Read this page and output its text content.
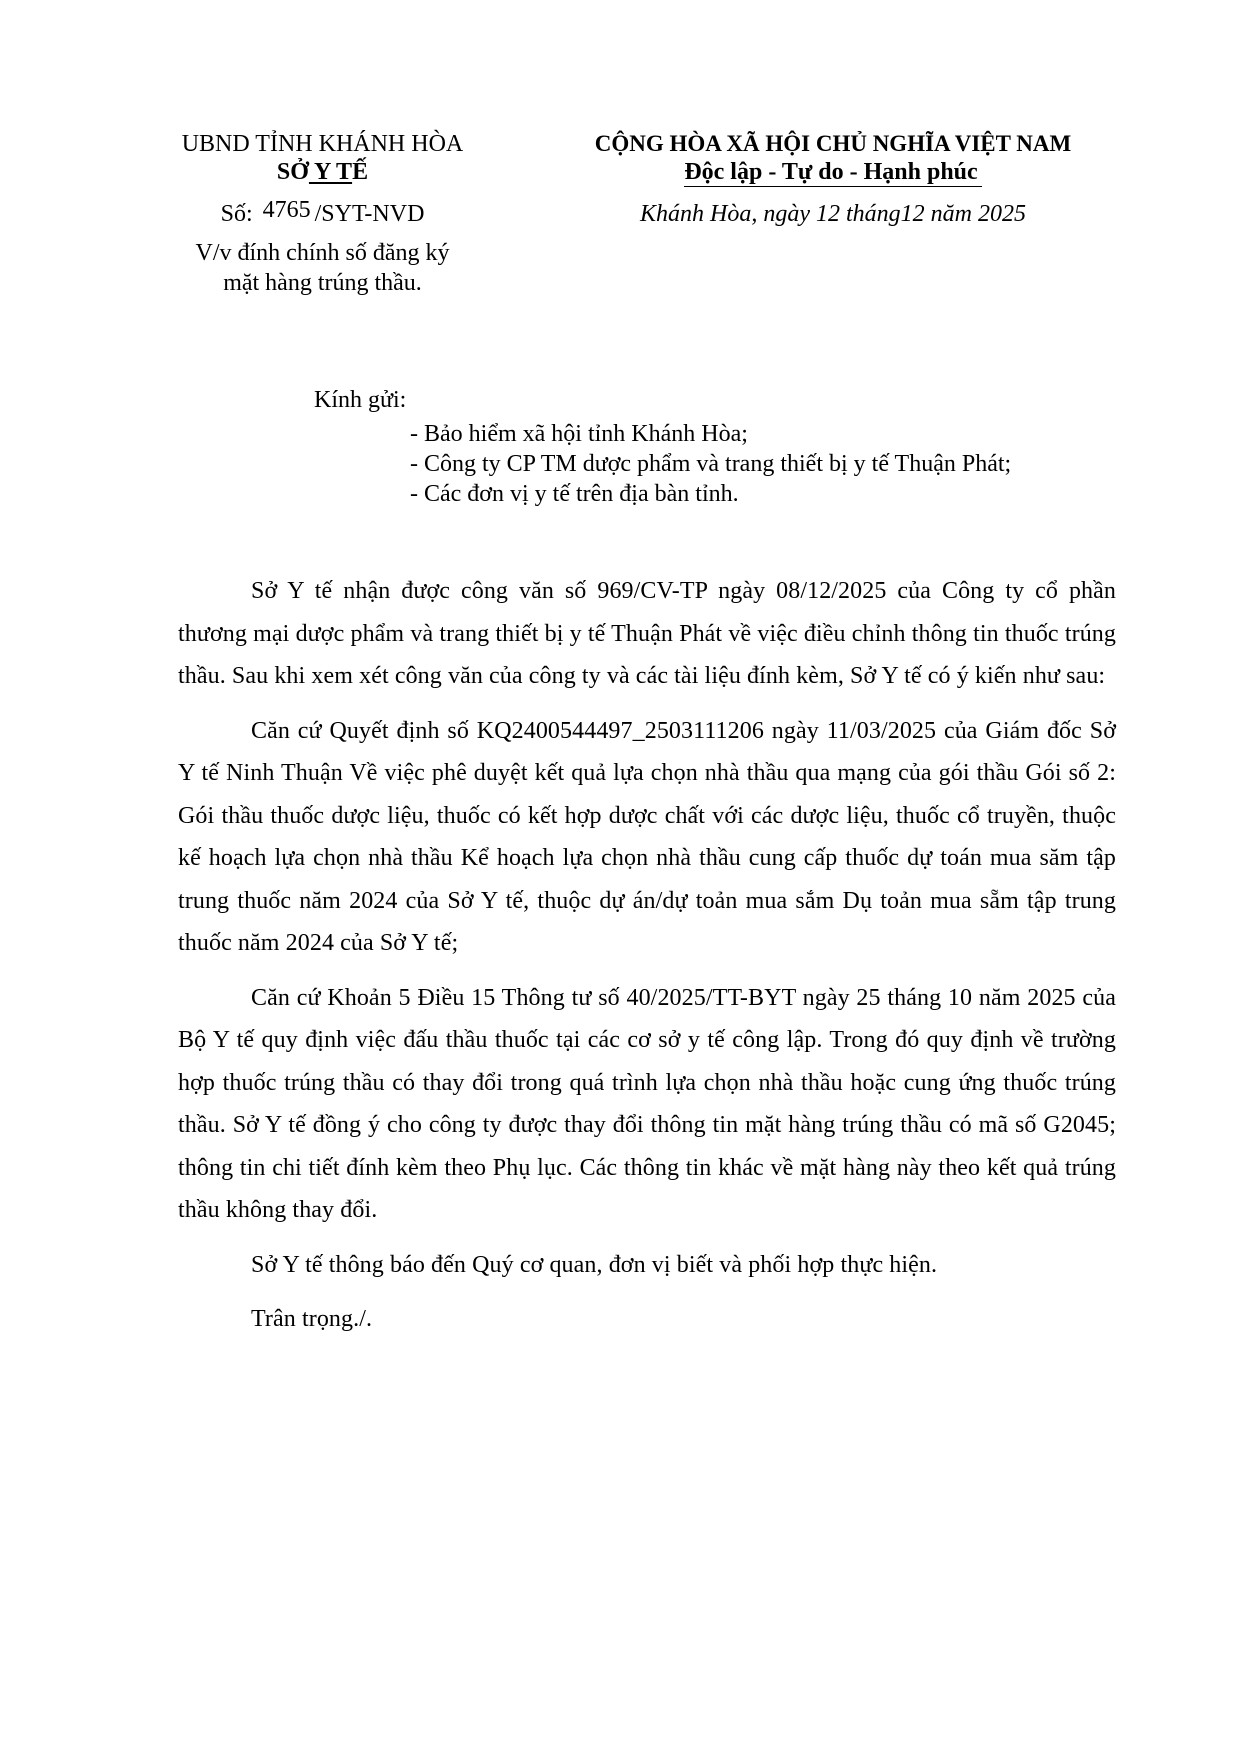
UBND TỈNH KHÁNH HÒA
SỞ Y TẾ
Số: 4765 /SYT-NVD
V/v đính chính số đăng ký
mặt hàng trúng thầu.
CỘNG HÒA XÃ HỘI CHỦ NGHĨA VIỆT NAM
Độc lập - Tự do - Hạnh phúc
Khánh Hòa, ngày 12 tháng12 năm 2025
Kính gửi:
- Bảo hiểm xã hội tỉnh Khánh Hòa;
- Công ty CP TM dược phẩm và trang thiết bị y tế Thuận Phát;
- Các đơn vị y tế trên địa bàn tỉnh.

Sở Y tế nhận được công văn số 969/CV-TP ngày 08/12/2025 của Công ty cổ phần thương mại dược phẩm và trang thiết bị y tế Thuận Phát về việc điều chỉnh thông tin thuốc trúng thầu. Sau khi xem xét công văn của công ty và các tài liệu đính kèm, Sở Y tế có ý kiến như sau:

Căn cứ Quyết định số KQ2400544497_2503111206 ngày 11/03/2025 của Giám đốc Sở Y tế Ninh Thuận Về việc phê duyệt kết quả lựa chọn nhà thầu qua mạng của gói thầu Gói số 2: Gói thầu thuốc dược liệu, thuốc có kết hợp dược chất với các dược liệu, thuốc cổ truyền, thuộc kế hoạch lựa chọn nhà thầu Kể hoạch lựa chọn nhà thầu cung cấp thuốc dự toán mua săm tập trung thuốc năm 2024 của Sở Y tế, thuộc dự án/dự toản mua sắm Dụ toản mua sẵm tập trung thuốc năm 2024 của Sở Y tế;

Căn cứ Khoản 5 Điều 15 Thông tư số 40/2025/TT-BYT ngày 25 tháng 10 năm 2025 của Bộ Y tế quy định việc đấu thầu thuốc tại các cơ sở y tế công lập. Trong đó quy định về trường hợp thuốc trúng thầu có thay đổi trong quá trình lựa chọn nhà thầu hoặc cung ứng thuốc trúng thầu. Sở Y tế đồng ý cho công ty được thay đổi thông tin mặt hàng trúng thầu có mã số G2045; thông tin chi tiết đính kèm theo Phụ lục. Các thông tin khác về mặt hàng này theo kết quả trúng thầu không thay đổi.

Sở Y tế thông báo đến Quý cơ quan, đơn vị biết và phối hợp thực hiện.

Trân trọng./.
